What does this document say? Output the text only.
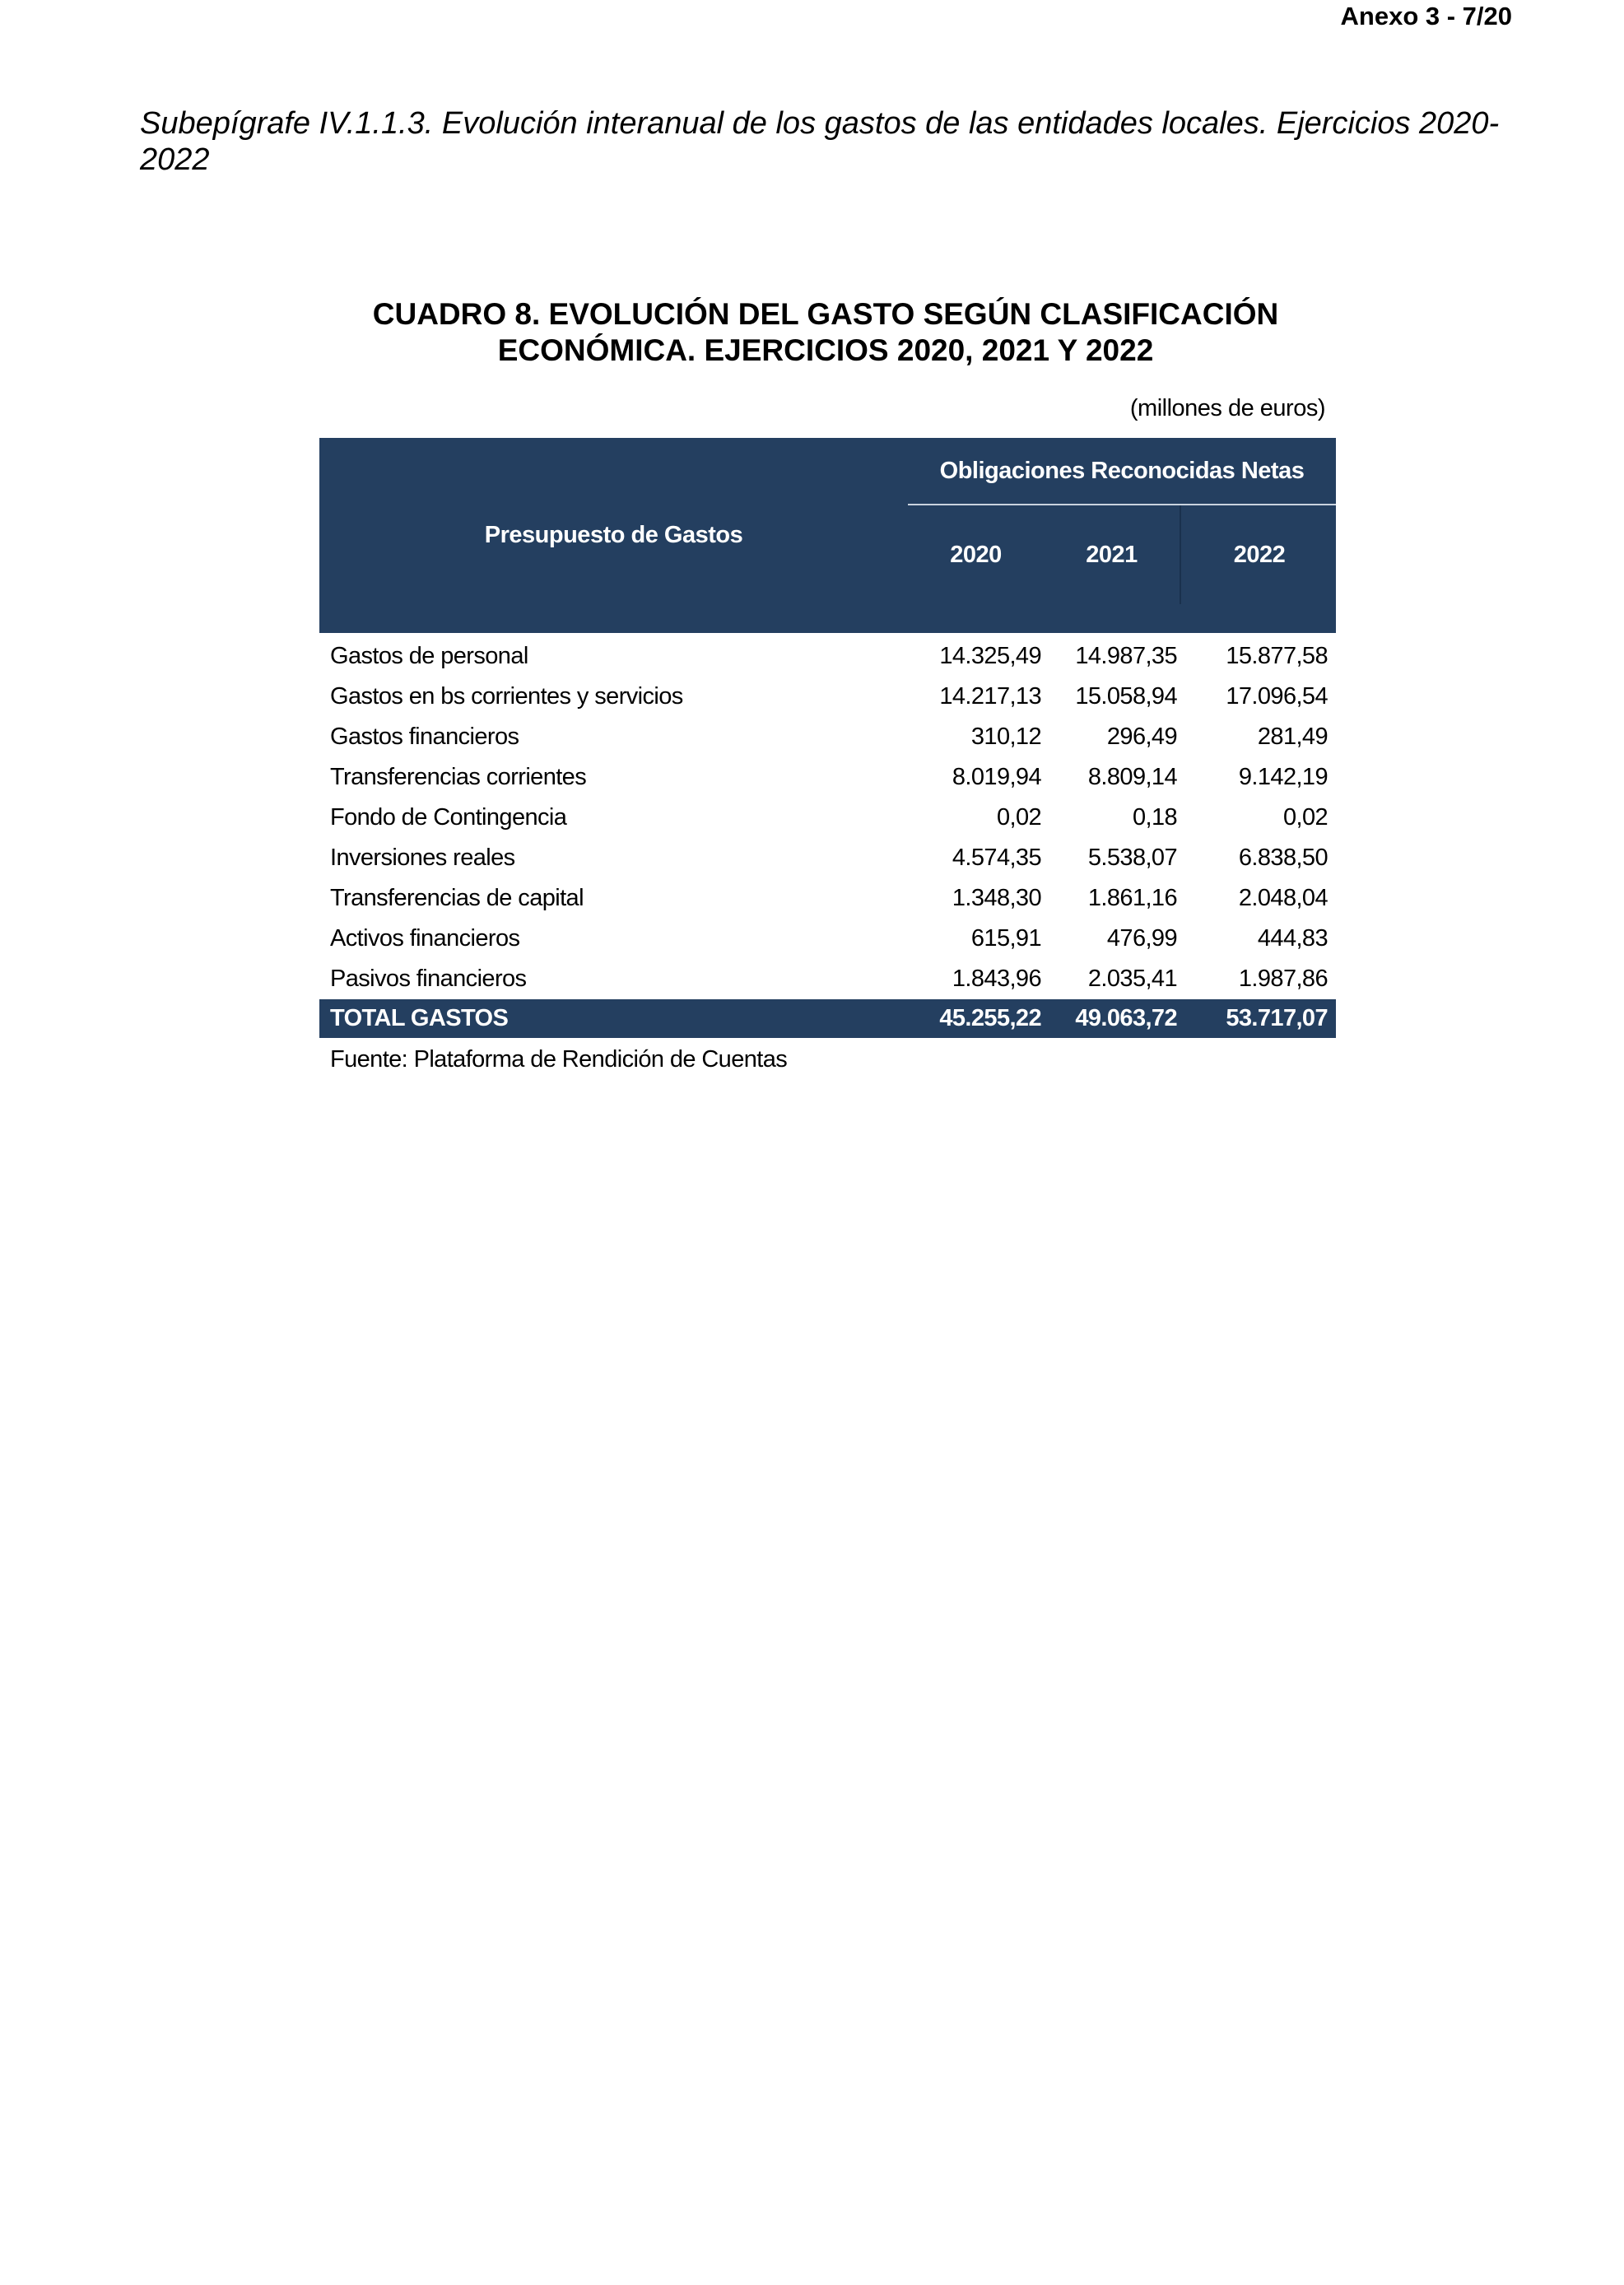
Anexo 3 - 7/20
Subepígrafe IV.1.1.3. Evolución interanual de los gastos de las entidades locales. Ejercicios 2020-2022
CUADRO 8. EVOLUCIÓN DEL GASTO SEGÚN CLASIFICACIÓN
ECONÓMICA. EJERCICIOS 2020, 2021 Y 2022
(millones de euros)
Presupuesto de Gastos
Obligaciones Reconocidas Netas
2020	2021	2022
Gastos de personal	14.325,49	14.987,35	15.877,58
Gastos en bs corrientes y servicios	14.217,13	15.058,94	17.096,54
Gastos financieros	310,12	296,49	281,49
Transferencias corrientes	8.019,94	8.809,14	9.142,19
Fondo de Contingencia	0,02	0,18	0,02
Inversiones reales	4.574,35	5.538,07	6.838,50
Transferencias de capital	1.348,30	1.861,16	2.048,04
Activos financieros	615,91	476,99	444,83
Pasivos financieros	1.843,96	2.035,41	1.987,86
TOTAL GASTOS	45.255,22	49.063,72	53.717,07
Fuente: Plataforma de Rendición de Cuentas
